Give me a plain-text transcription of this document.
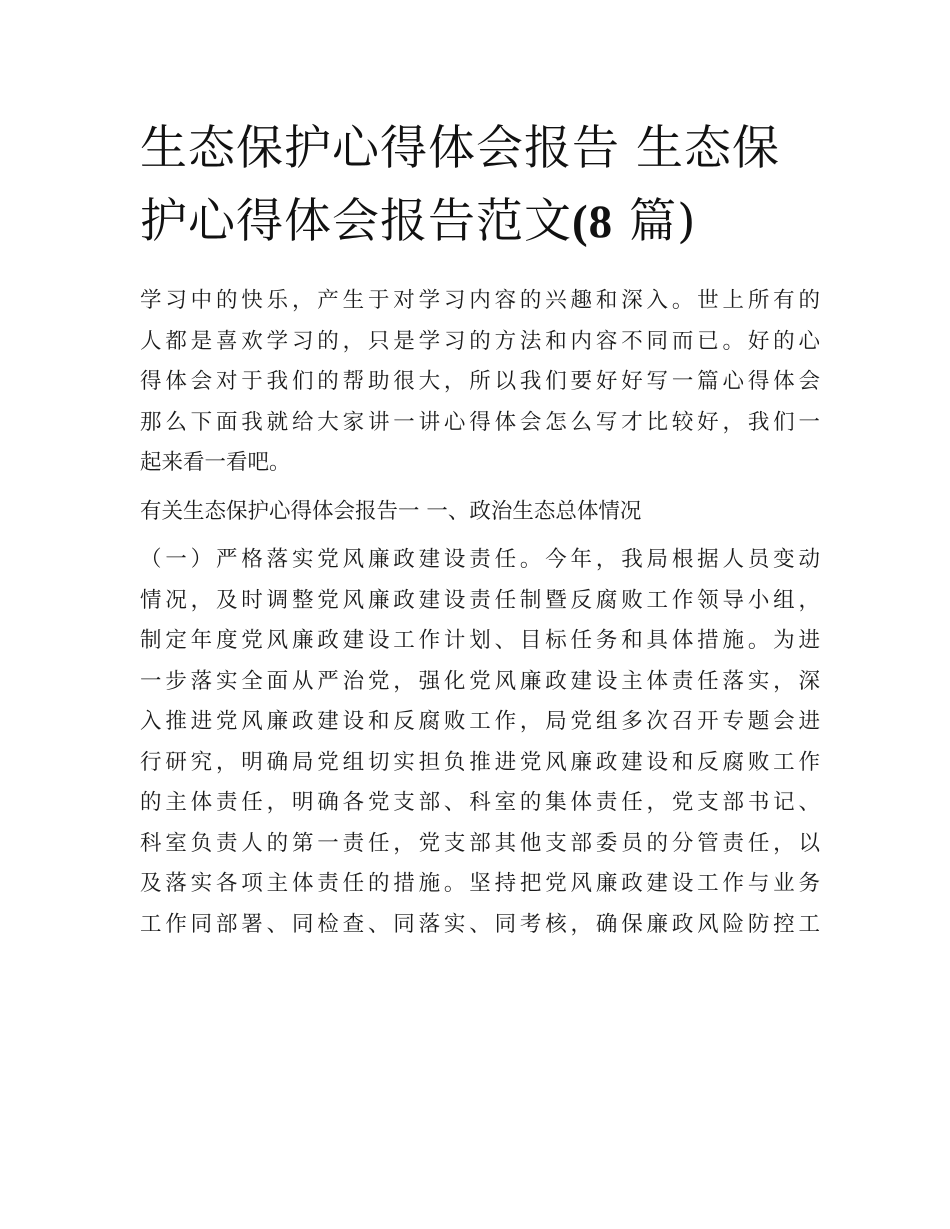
生态保护心得体会报告 生态保
护心得体会报告范文(8 篇)

学习中的快乐，产生于对学习内容的兴趣和深入。世上所有的
人都是喜欢学习的，只是学习的方法和内容不同而已。好的心
得体会对于我们的帮助很大，所以我们要好好写一篇心得体会
那么下面我就给大家讲一讲心得体会怎么写才比较好，我们一
起来看一看吧。

有关生态保护心得体会报告一 一、政治生态总体情况

（一）严格落实党风廉政建设责任。今年，我局根据人员变动
情况，及时调整党风廉政建设责任制暨反腐败工作领导小组，
制定年度党风廉政建设工作计划、目标任务和具体措施。为进
一步落实全面从严治党，强化党风廉政建设主体责任落实，深
入推进党风廉政建设和反腐败工作，局党组多次召开专题会进
行研究，明确局党组切实担负推进党风廉政建设和反腐败工作
的主体责任，明确各党支部、科室的集体责任，党支部书记、
科室负责人的第一责任，党支部其他支部委员的分管责任，以
及落实各项主体责任的措施。坚持把党风廉政建设工作与业务
工作同部署、同检查、同落实、同考核，确保廉政风险防控工
